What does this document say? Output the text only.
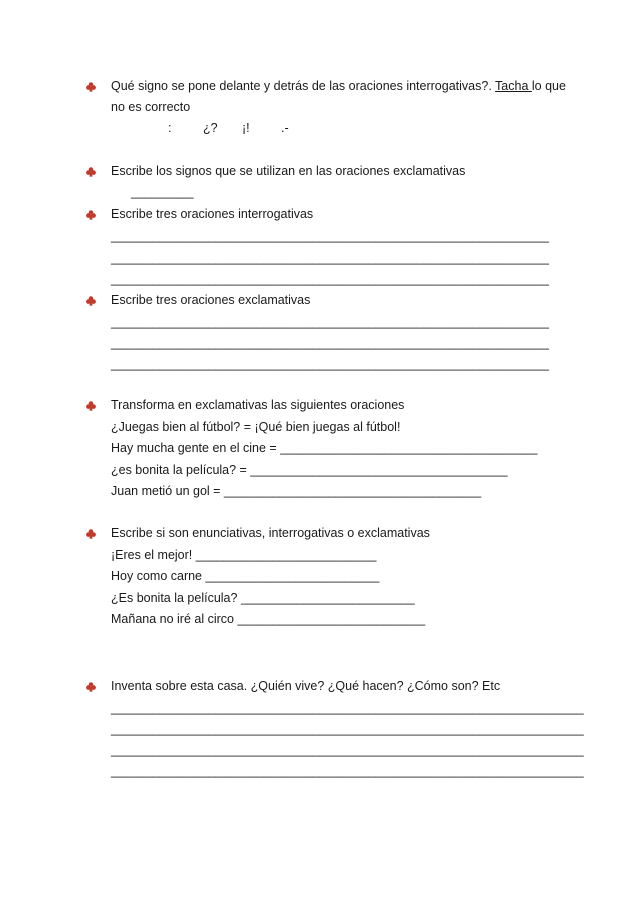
Qué signo se pone delante y detrás de las oraciones interrogativas?. Tacha lo que
no es correcto
:	¿? ¡!	.-
Escribe los signos que se utilizan en las oraciones exclamativas
_________
Escribe tres oraciones interrogativas
_______________________________________________________________
_______________________________________________________________
_______________________________________________________________
Escribe tres oraciones exclamativas
_______________________________________________________________
_______________________________________________________________
_______________________________________________________________
Transforma en exclamativas las siguientes oraciones
¿Juegas bien al fútbol? = ¡Qué bien juegas al fútbol!
Hay mucha gente en el cine = _____________________________________
¿es bonita la película? = _____________________________________
Juan metió un gol = _____________________________________
Escribe si son enunciativas, interrogativas o exclamativas
¡Eres el mejor! __________________________
Hoy como carne _________________________
¿Es bonita la película? _________________________
Mañana no iré al circo ___________________________
Inventa sobre esta casa. ¿Quién vive? ¿Qué hacen? ¿Cómo son? Etc
____________________________________________________________________
____________________________________________________________________
____________________________________________________________________
____________________________________________________________________
